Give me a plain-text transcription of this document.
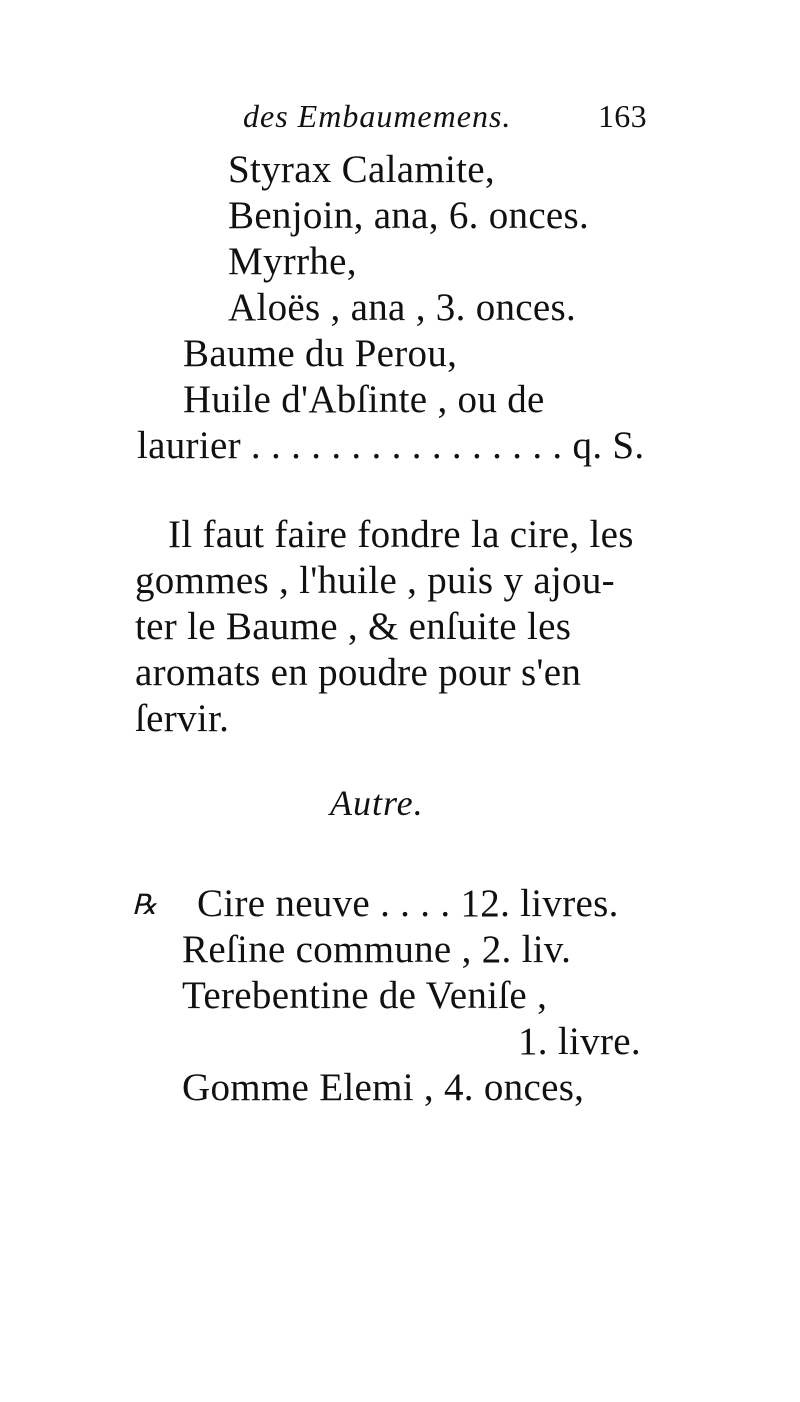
des Embaumemens.	163
Styrax Calamite,
Benjoin, ana, 6. onces.
Myrrhe,
Aloës , ana , 3. onces.
Baume du Perou,
Huile d'Abſinte , ou de
laurier . . . . . . . . . . . . . . . . q. S.
Il faut faire fondre la cire, les
gommes , l'huile , puis y ajou-
ter le Baume , & enſuite les
aromats en poudre pour s'en
ſervir.
Autre.
℞ Cire neuve . . . . 12. livres.
Reſine commune , 2. liv.
Terebentine de Veniſe ,
1. livre.
Gomme Elemi , 4. onces,
